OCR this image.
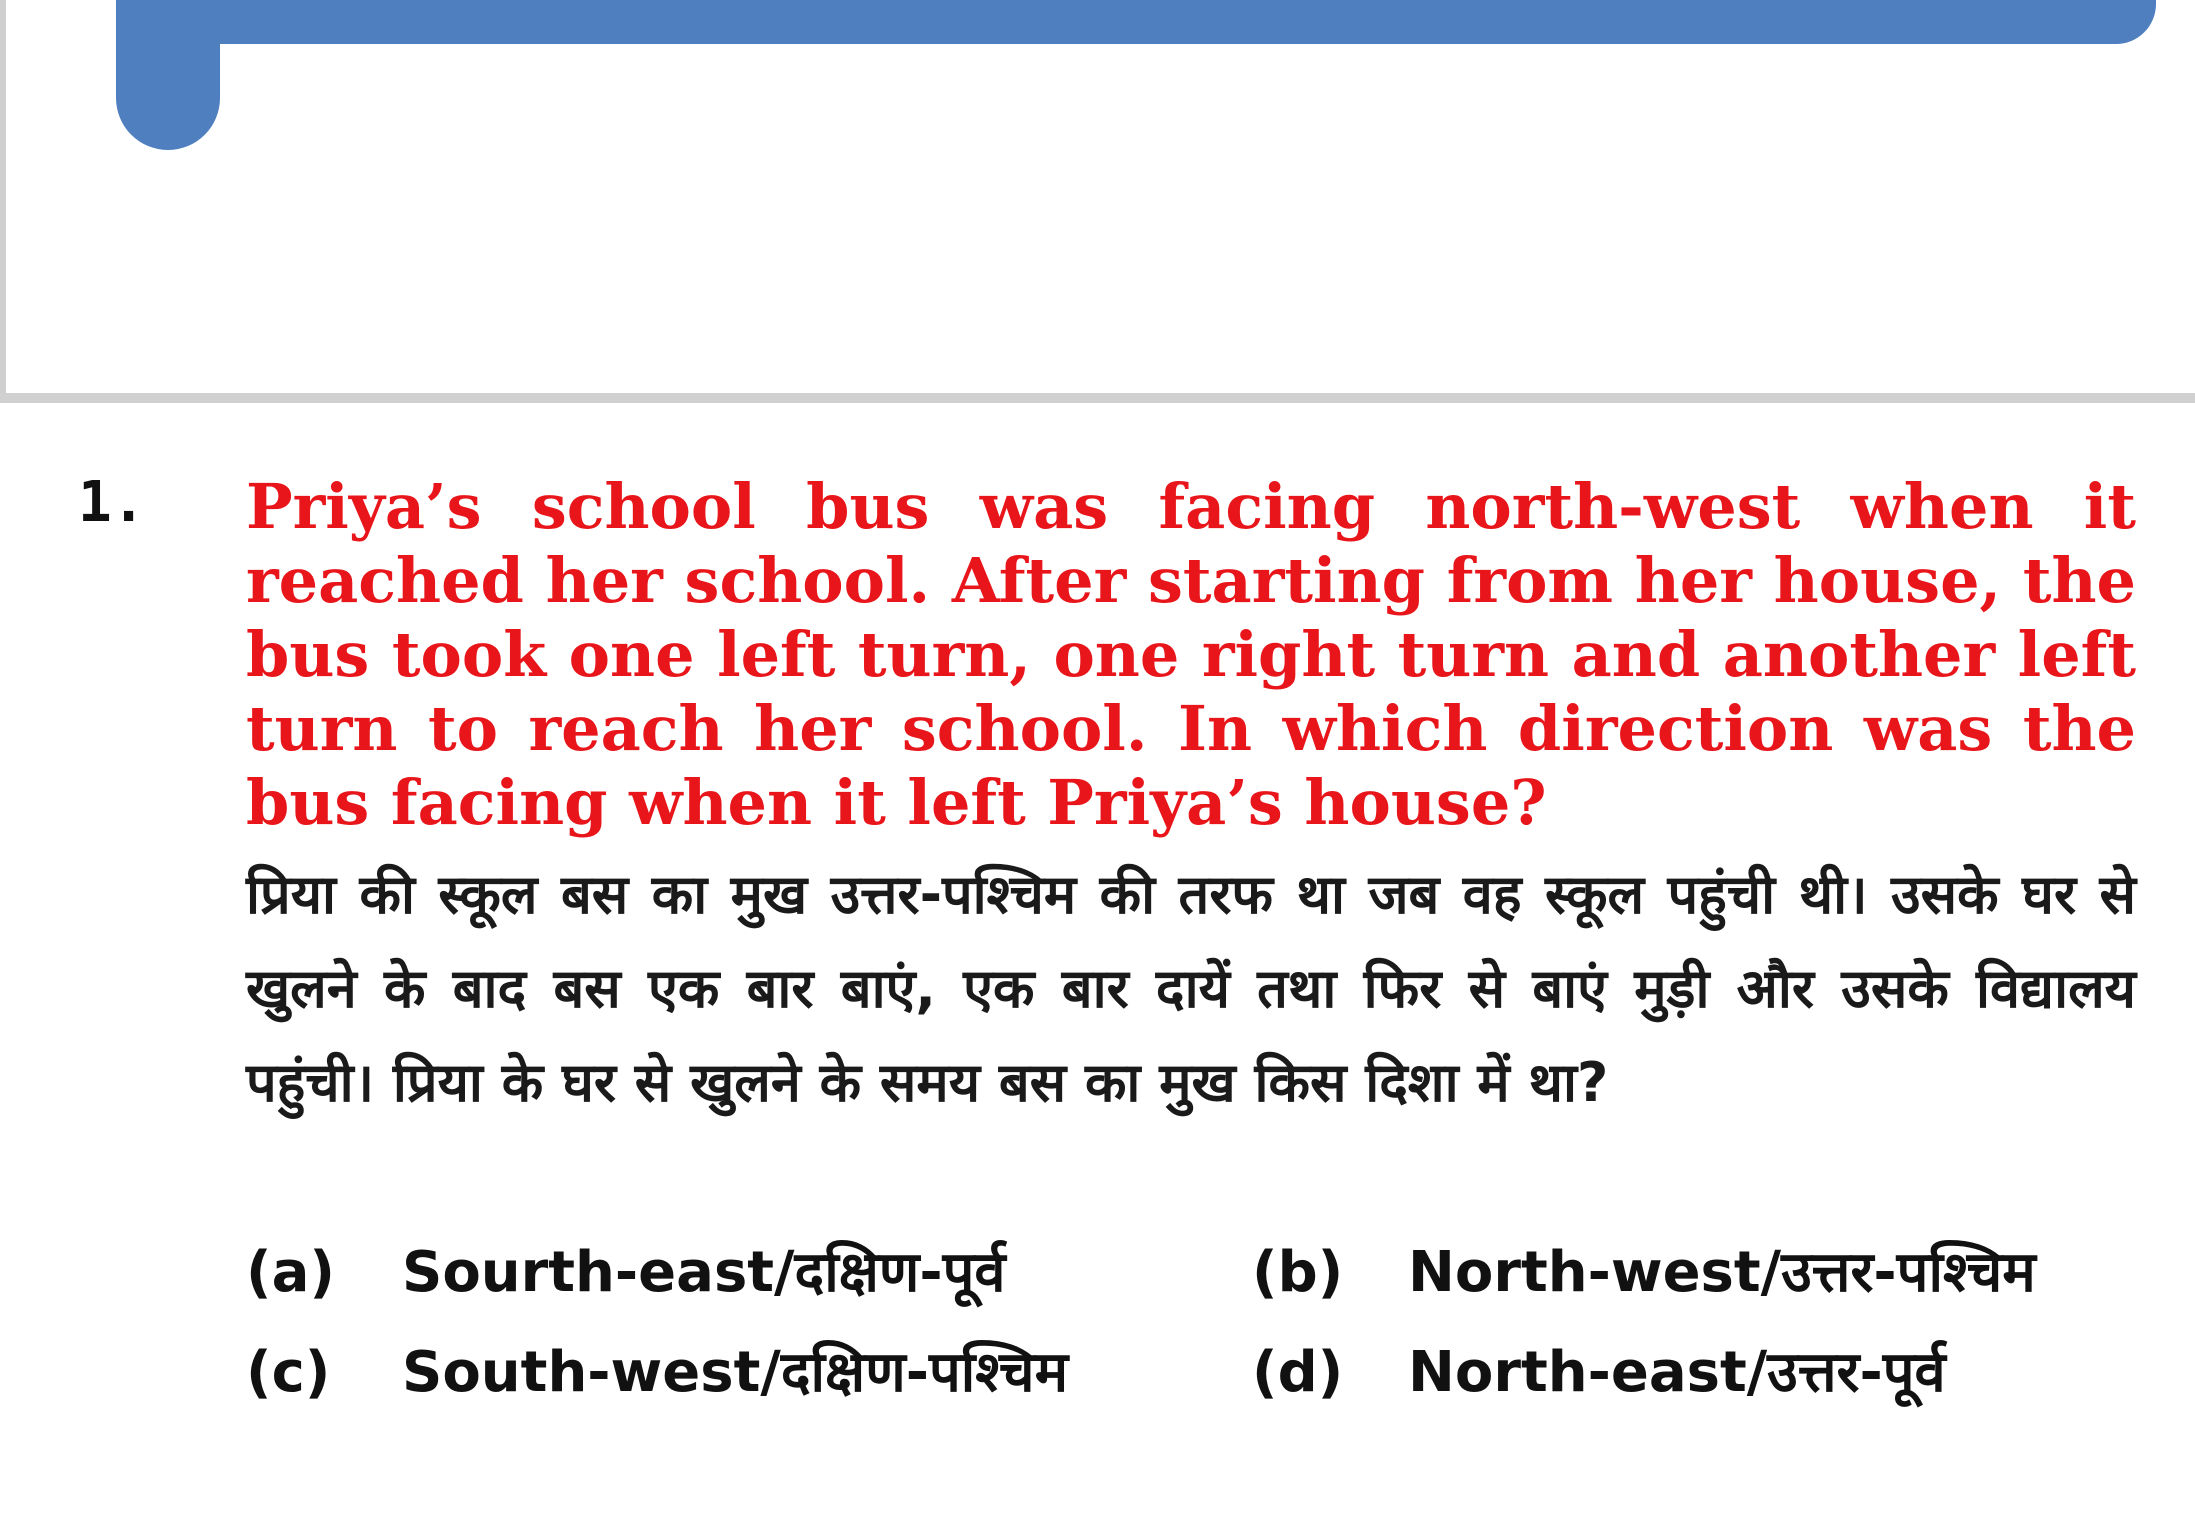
1. Priya’s school bus was facing north-west when it reached her school. After starting from her house, the bus took one left turn, one right turn and another left turn to reach her school. In which direction was the bus facing when it left Priya’s house?

प्रिया की स्कूल बस का मुख उत्तर-पश्चिम की तरफ था जब वह स्कूल पहुंची थी। उसके घर से खुलने के बाद बस एक बार बाएं, एक बार दायें तथा फिर से बाएं मुड़ी और उसके विद्यालय पहुंची। प्रिया के घर से खुलने के समय बस का मुख किस दिशा में था?

(a) Sourth-east/दक्षिण-पूर्व	(b) North-west/उत्तर-पश्चिम
(c) South-west/दक्षिण-पश्चिम	(d) North-east/उत्तर-पूर्व
